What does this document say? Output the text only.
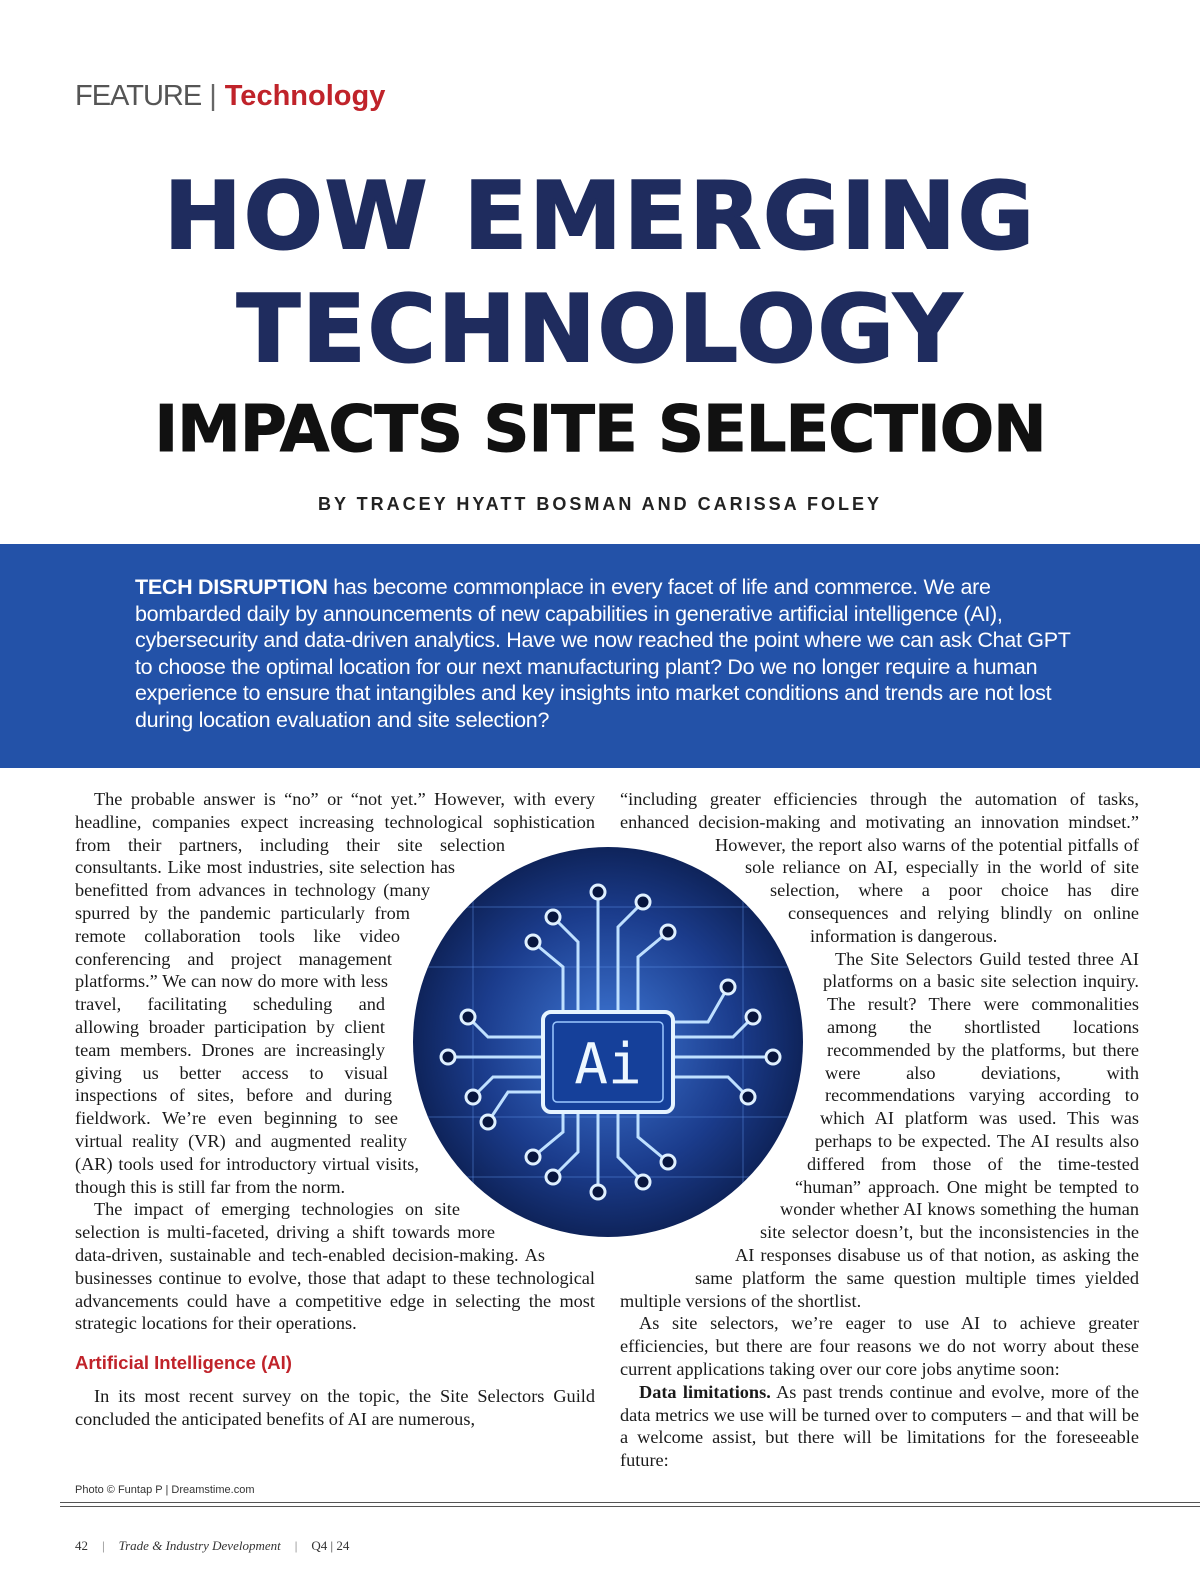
FEATURE | Technology
HOW EMERGING
TECHNOLOGY
IMPACTS SITE SELECTION
BY TRACEY HYATT BOSMAN AND CARISSA FOLEY

TECH DISRUPTION has become commonplace in every facet of life and commerce. We are bombarded daily by announcements of new capabilities in generative artificial intelligence (AI), cybersecurity and data-driven analytics. Have we now reached the point where we can ask Chat GPT to choose the optimal location for our next manufacturing plant? Do we no longer require a human experience to ensure that intangibles and key insights into market conditions and trends are not lost during location evaluation and site selection?

The probable answer is “no” or “not yet.” However, with every headline, companies expect increasing technological sophistication from their partners, including their site selection consultants. Like most industries, site selection has benefitted from advances in technology (many spurred by the pandemic particularly from remote collaboration tools like video conferencing and project management platforms.” We can now do more with less travel, facilitating scheduling and allowing broader participation by client team members. Drones are increasingly giving us better access to visual inspections of sites, before and during fieldwork. We’re even beginning to see virtual reality (VR) and augmented reality (AR) tools used for introductory virtual visits, though this is still far from the norm.

The impact of emerging technologies on site selection is multi-faceted, driving a shift towards more data-driven, sustainable and tech-enabled decision-making. As businesses continue to evolve, those that adapt to these technological advancements could have a competitive edge in selecting the most strategic locations for their operations.

Artificial Intelligence (AI)

In its most recent survey on the topic, the Site Selectors Guild concluded the anticipated benefits of AI are numerous,

“including greater efficiencies through the automation of tasks, enhanced decision-making and motivating an innovation mindset.” However, the report also warns of the potential pitfalls of sole reliance on AI, especially in the world of site selection, where a poor choice has dire consequences and relying blindly on online information is dangerous.

The Site Selectors Guild tested three AI platforms on a basic site selection inquiry. The result? There were commonalities among the shortlisted locations recommended by the platforms, but there were also deviations, with recommendations varying according to which AI platform was used. This was perhaps to be expected. The AI results also differed from those of the time-tested “human” approach. One might be tempted to wonder whether AI knows something the human site selector doesn’t, but the inconsistencies in the AI responses disabuse us of that notion, as asking the same platform the same question multiple times yielded multiple versions of the shortlist.

As site selectors, we’re eager to use AI to achieve greater efficiencies, but there are four reasons we do not worry about these current applications taking over our core jobs anytime soon:

Data limitations. As past trends continue and evolve, more of the data metrics we use will be turned over to computers – and that will be a welcome assist, but there will be limitations for the foreseeable future:

Ai
Photo © Funtap P | Dreamstime.com
42 | Trade & Industry Development | Q4 | 24
